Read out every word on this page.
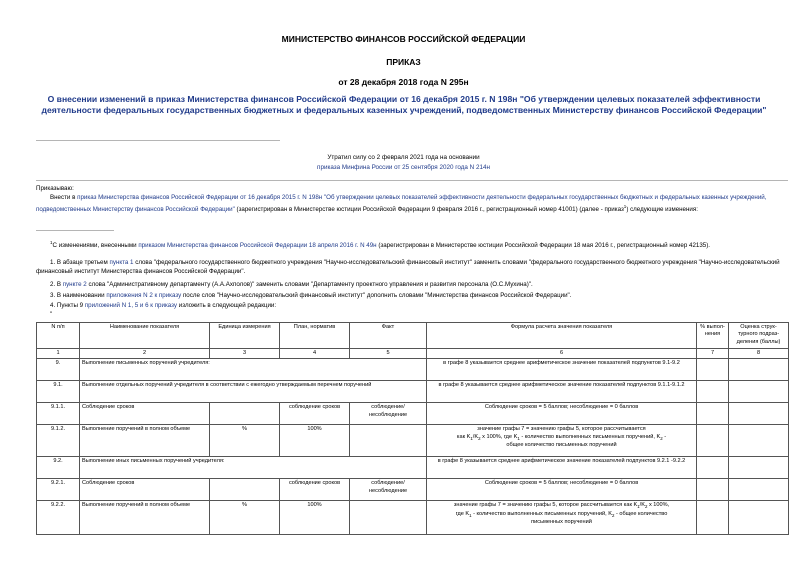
МИНИСТЕРСТВО ФИНАНСОВ РОССИЙСКОЙ ФЕДЕРАЦИИ
ПРИКАЗ
от 28 декабря 2018 года N 295н
О внесении изменений в приказ Министерства финансов Российской Федерации от 16 декабря 2015 г. N 198н "Об утверждении целевых показателей эффективности деятельности федеральных государственных бюджетных и федеральных казенных учреждений, подведомственных Министерству финансов Российской Федерации"
Утратил силу со 2 февраля 2021 года на основании
приказа Минфина России от 25 сентября 2020 года N 214н
Приказываю:
Внести в приказ Министерства финансов Российской Федерации от 16 декабря 2015 г. N 198н "Об утверждении целевых показателей эффективности деятельности федеральных государственных бюджетных и федеральных казенных учреждений, подведомственных Министерству финансов Российской Федерации" (зарегистрирован в Министерстве юстиции Российской Федерации 9 февраля 2016 г., регистрационный номер 41001) (далее - приказ$^1$) следующие изменения:
$^1$С изменениями, внесенными приказом Министерства финансов Российской Федерации 18 апреля 2016 г. N 49н (зарегистрирован в Министерстве юстиции Российской Федерации 18 мая 2016 г., регистрационный номер 42135).
1. В абзаце третьем пункта 1 слова "федерального государственного бюджетного учреждения "Научно-исследовательский финансовый институт" заменить словами "федерального государственного бюджетного учреждения "Научно-исследовательский финансовый институт Министерства финансов Российской Федерации".
2. В пункте 2 слова "Административному департаменту (А.А.Ахполов)" заменить словами "Департаменту проектного управления и развития персонала (О.С.Мухина)".
3. В наименовании приложения N 2 к приказу после слов "Научно-исследовательский финансовый институт" дополнить словами "Министерства финансов Российской Федерации".
4. Пункты 9 приложений N 1, 5 и 6 к приказу изложить в следующей редакции:
"
N п/п	Наименование показателя	Единица измерения	План, норматив	Факт	Формула расчета значения показателя	% выпол- нения	Оценка струк- турного подраз- деления (баллы)
1	2	3	4	5	6	7	8
9.	Выполнение письменных поручений учредителя:				в графе 8 указывается среднее арифметическое значение показателей подпунктов 9.1-9.2		
9.1.	Выполнение отдельных поручений учредителя в соответствии с ежегодно утверждаемым перечнем поручений				в графе 8 указывается среднее арифметическое значение показателей подпунктов 9.1.1-9.1.2		
9.1.1.	Соблюдение сроков		соблюдение сроков	соблюдение/ несоблюдение	Соблюдение сроков = 5 баллов; несоблюдение = 0 баллов		
9.1.2.	Выполнение поручений в полном объеме	%	100%		значение графы 7 = значению графы 5, которое рассчитывается
как $K_1/K_2$ x 100%, где $K_1$ - количество выполненных письменных поручений, $K_2$ -
общее количество письменных поручений		

9.2.	Выполнение иных письменных поручений учредителя:				в графе 8 указывается среднее арифметическое значение показателей подпунктов 9.2.1 -9.2.2		
9.2.1.	Соблюдение сроков		соблюдение сроков	соблюдение/ несоблюдение	Соблюдение сроков = 5 баллов; несоблюдение = 0 баллов		
9.2.2.	Выполнение поручений в полном объеме	%	100%		значение графы 7 = значению графы 5, которое рассчитывается как $K_1/K_2$ x 100%,
где $K_1$ - количество выполненных письменных поручений, $K_2$ - общее количество
письменных поручений		
